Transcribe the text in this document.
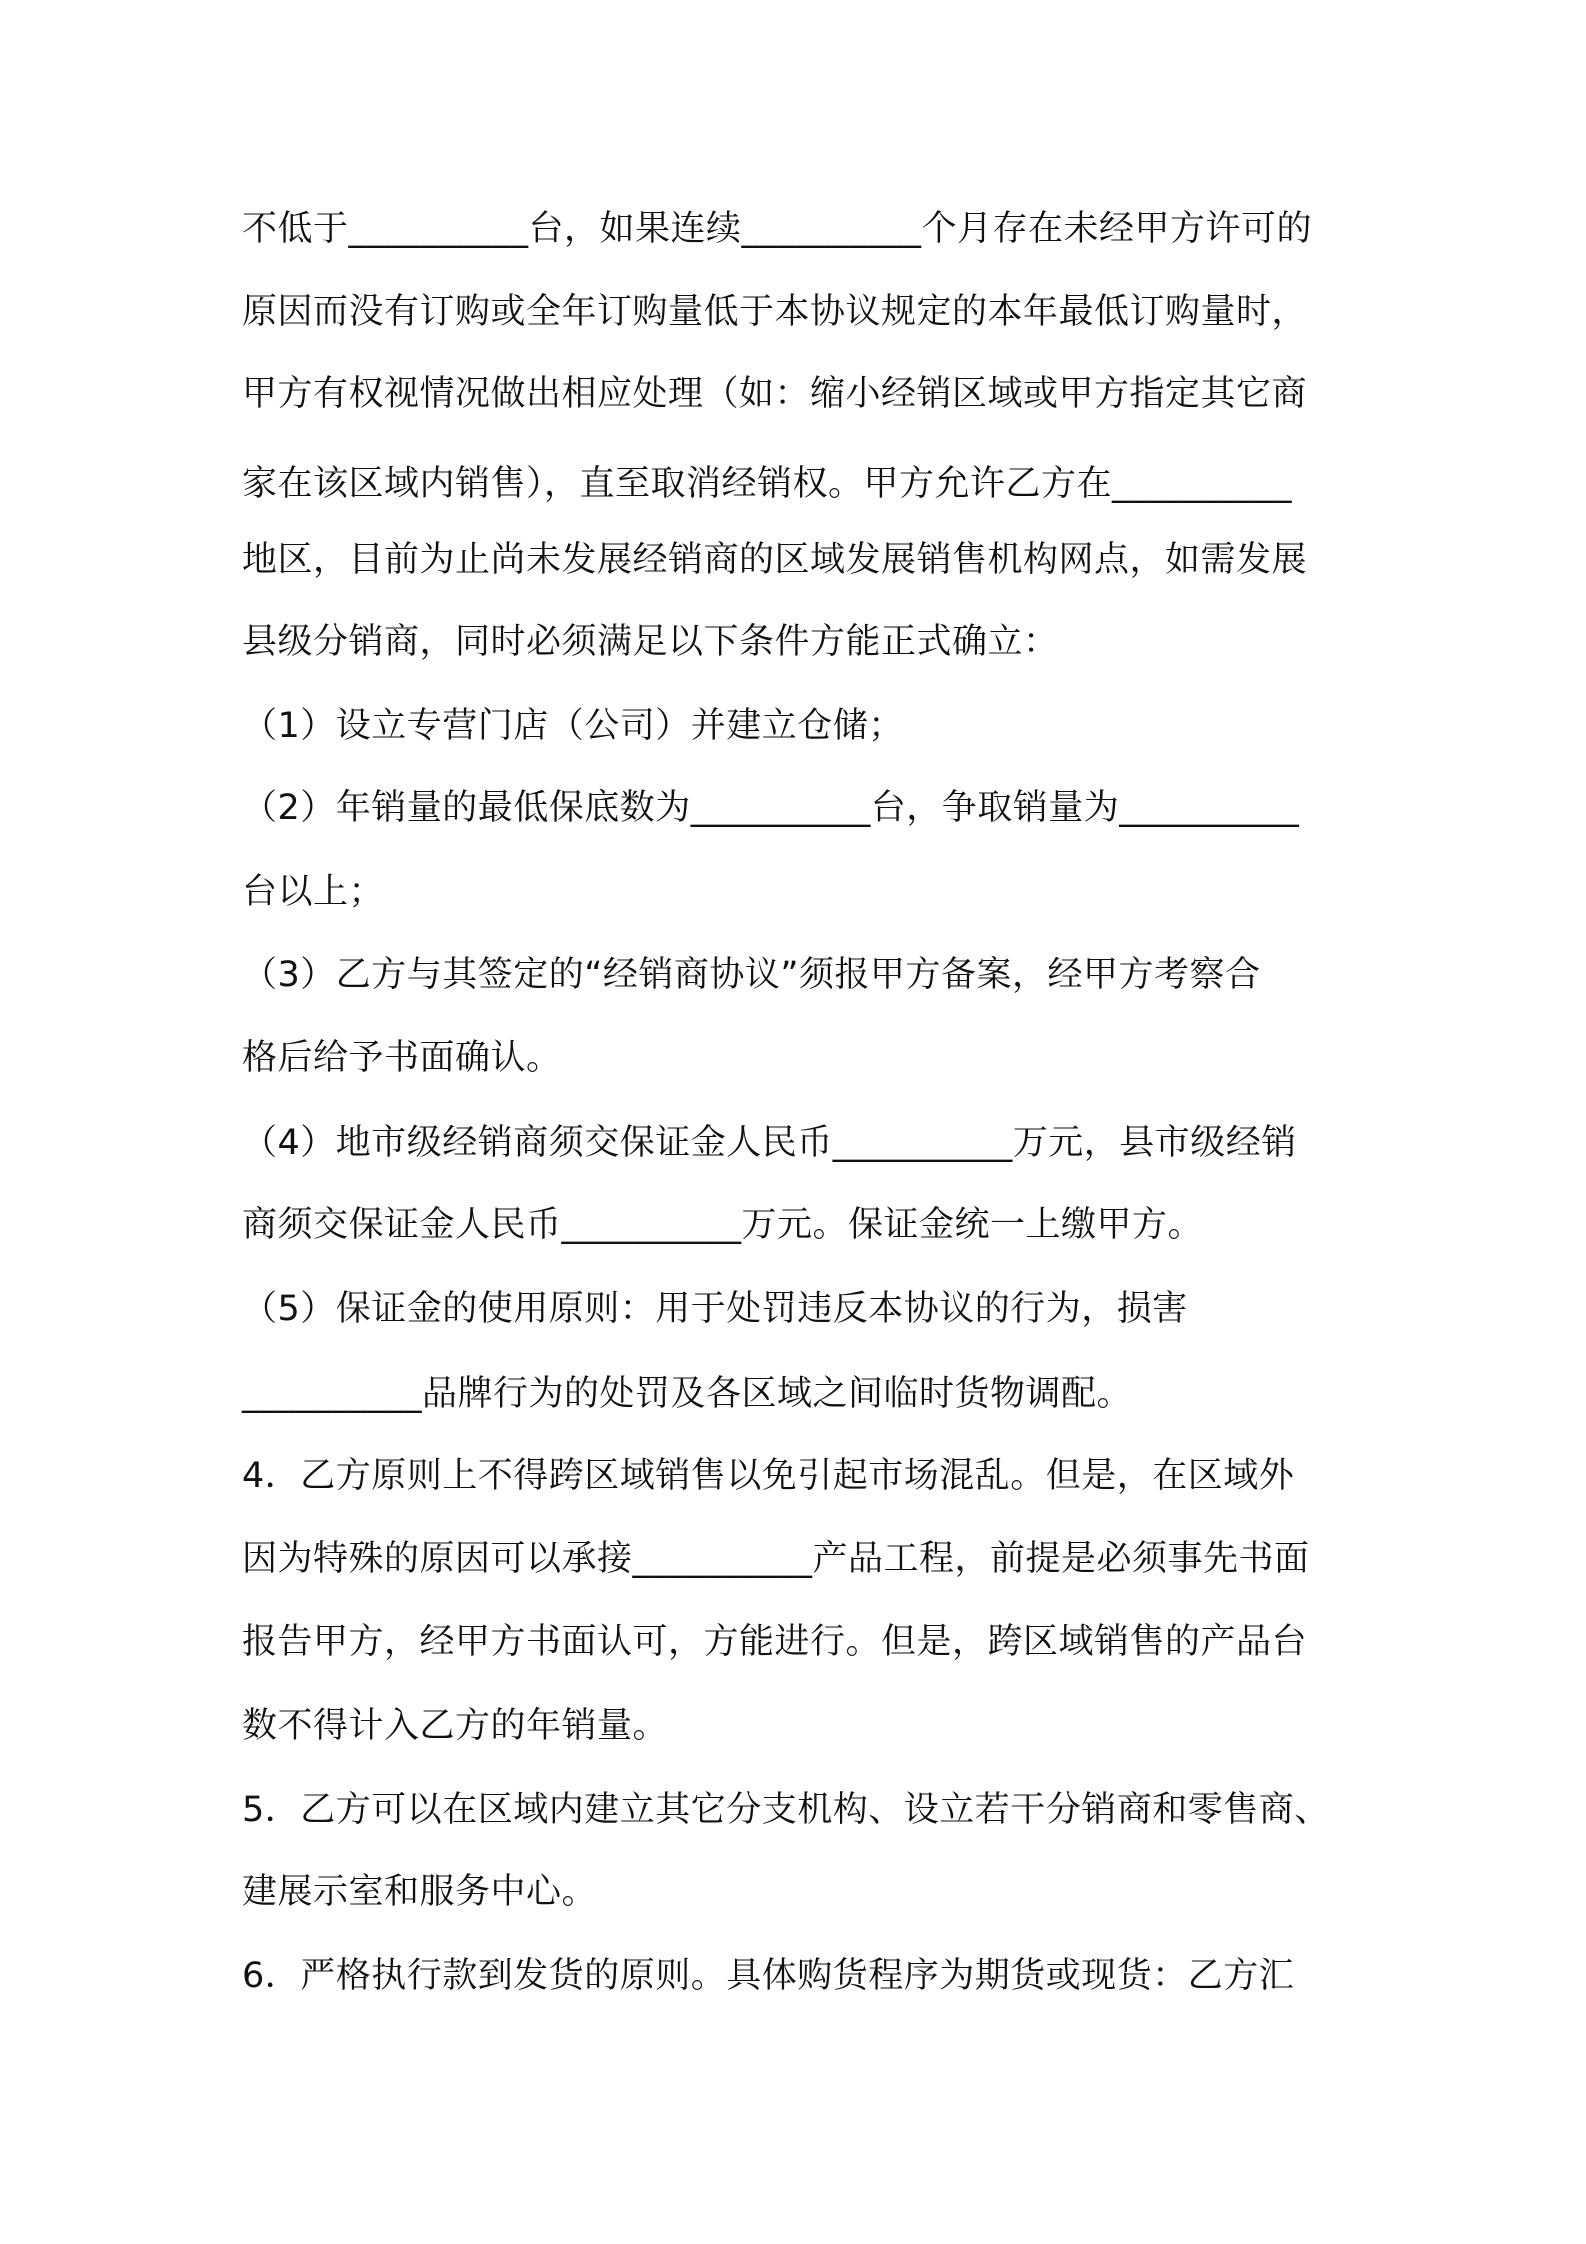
不低于__________台，如果连续__________个月存在未经甲方许可的
原因而没有订购或全年订购量低于本协议规定的本年最低订购量时，
甲方有权视情况做出相应处理（如：缩小经销区域或甲方指定其它商
家在该区域内销售），直至取消经销权。甲方允许乙方在__________
地区，目前为止尚未发展经销商的区域发展销售机构网点，如需发展
县级分销商，同时必须满足以下条件方能正式确立：
（1）设立专营门店（公司）并建立仓储；
（2）年销量的最低保底数为__________台，争取销量为__________
台以上；
（3）乙方与其签定的“经销商协议”须报甲方备案，经甲方考察合
格后给予书面确认。
（4）地市级经销商须交保证金人民币__________万元，县市级经销
商须交保证金人民币__________万元。保证金统一上缴甲方。
（5）保证金的使用原则：用于处罚违反本协议的行为，损害
__________品牌行为的处罚及各区域之间临时货物调配。
4．乙方原则上不得跨区域销售以免引起市场混乱。但是，在区域外
因为特殊的原因可以承接__________产品工程，前提是必须事先书面
报告甲方，经甲方书面认可，方能进行。但是，跨区域销售的产品台
数不得计入乙方的年销量。
5．乙方可以在区域内建立其它分支机构、设立若干分销商和零售商、
建展示室和服务中心。
6．严格执行款到发货的原则。具体购货程序为期货或现货：乙方汇
